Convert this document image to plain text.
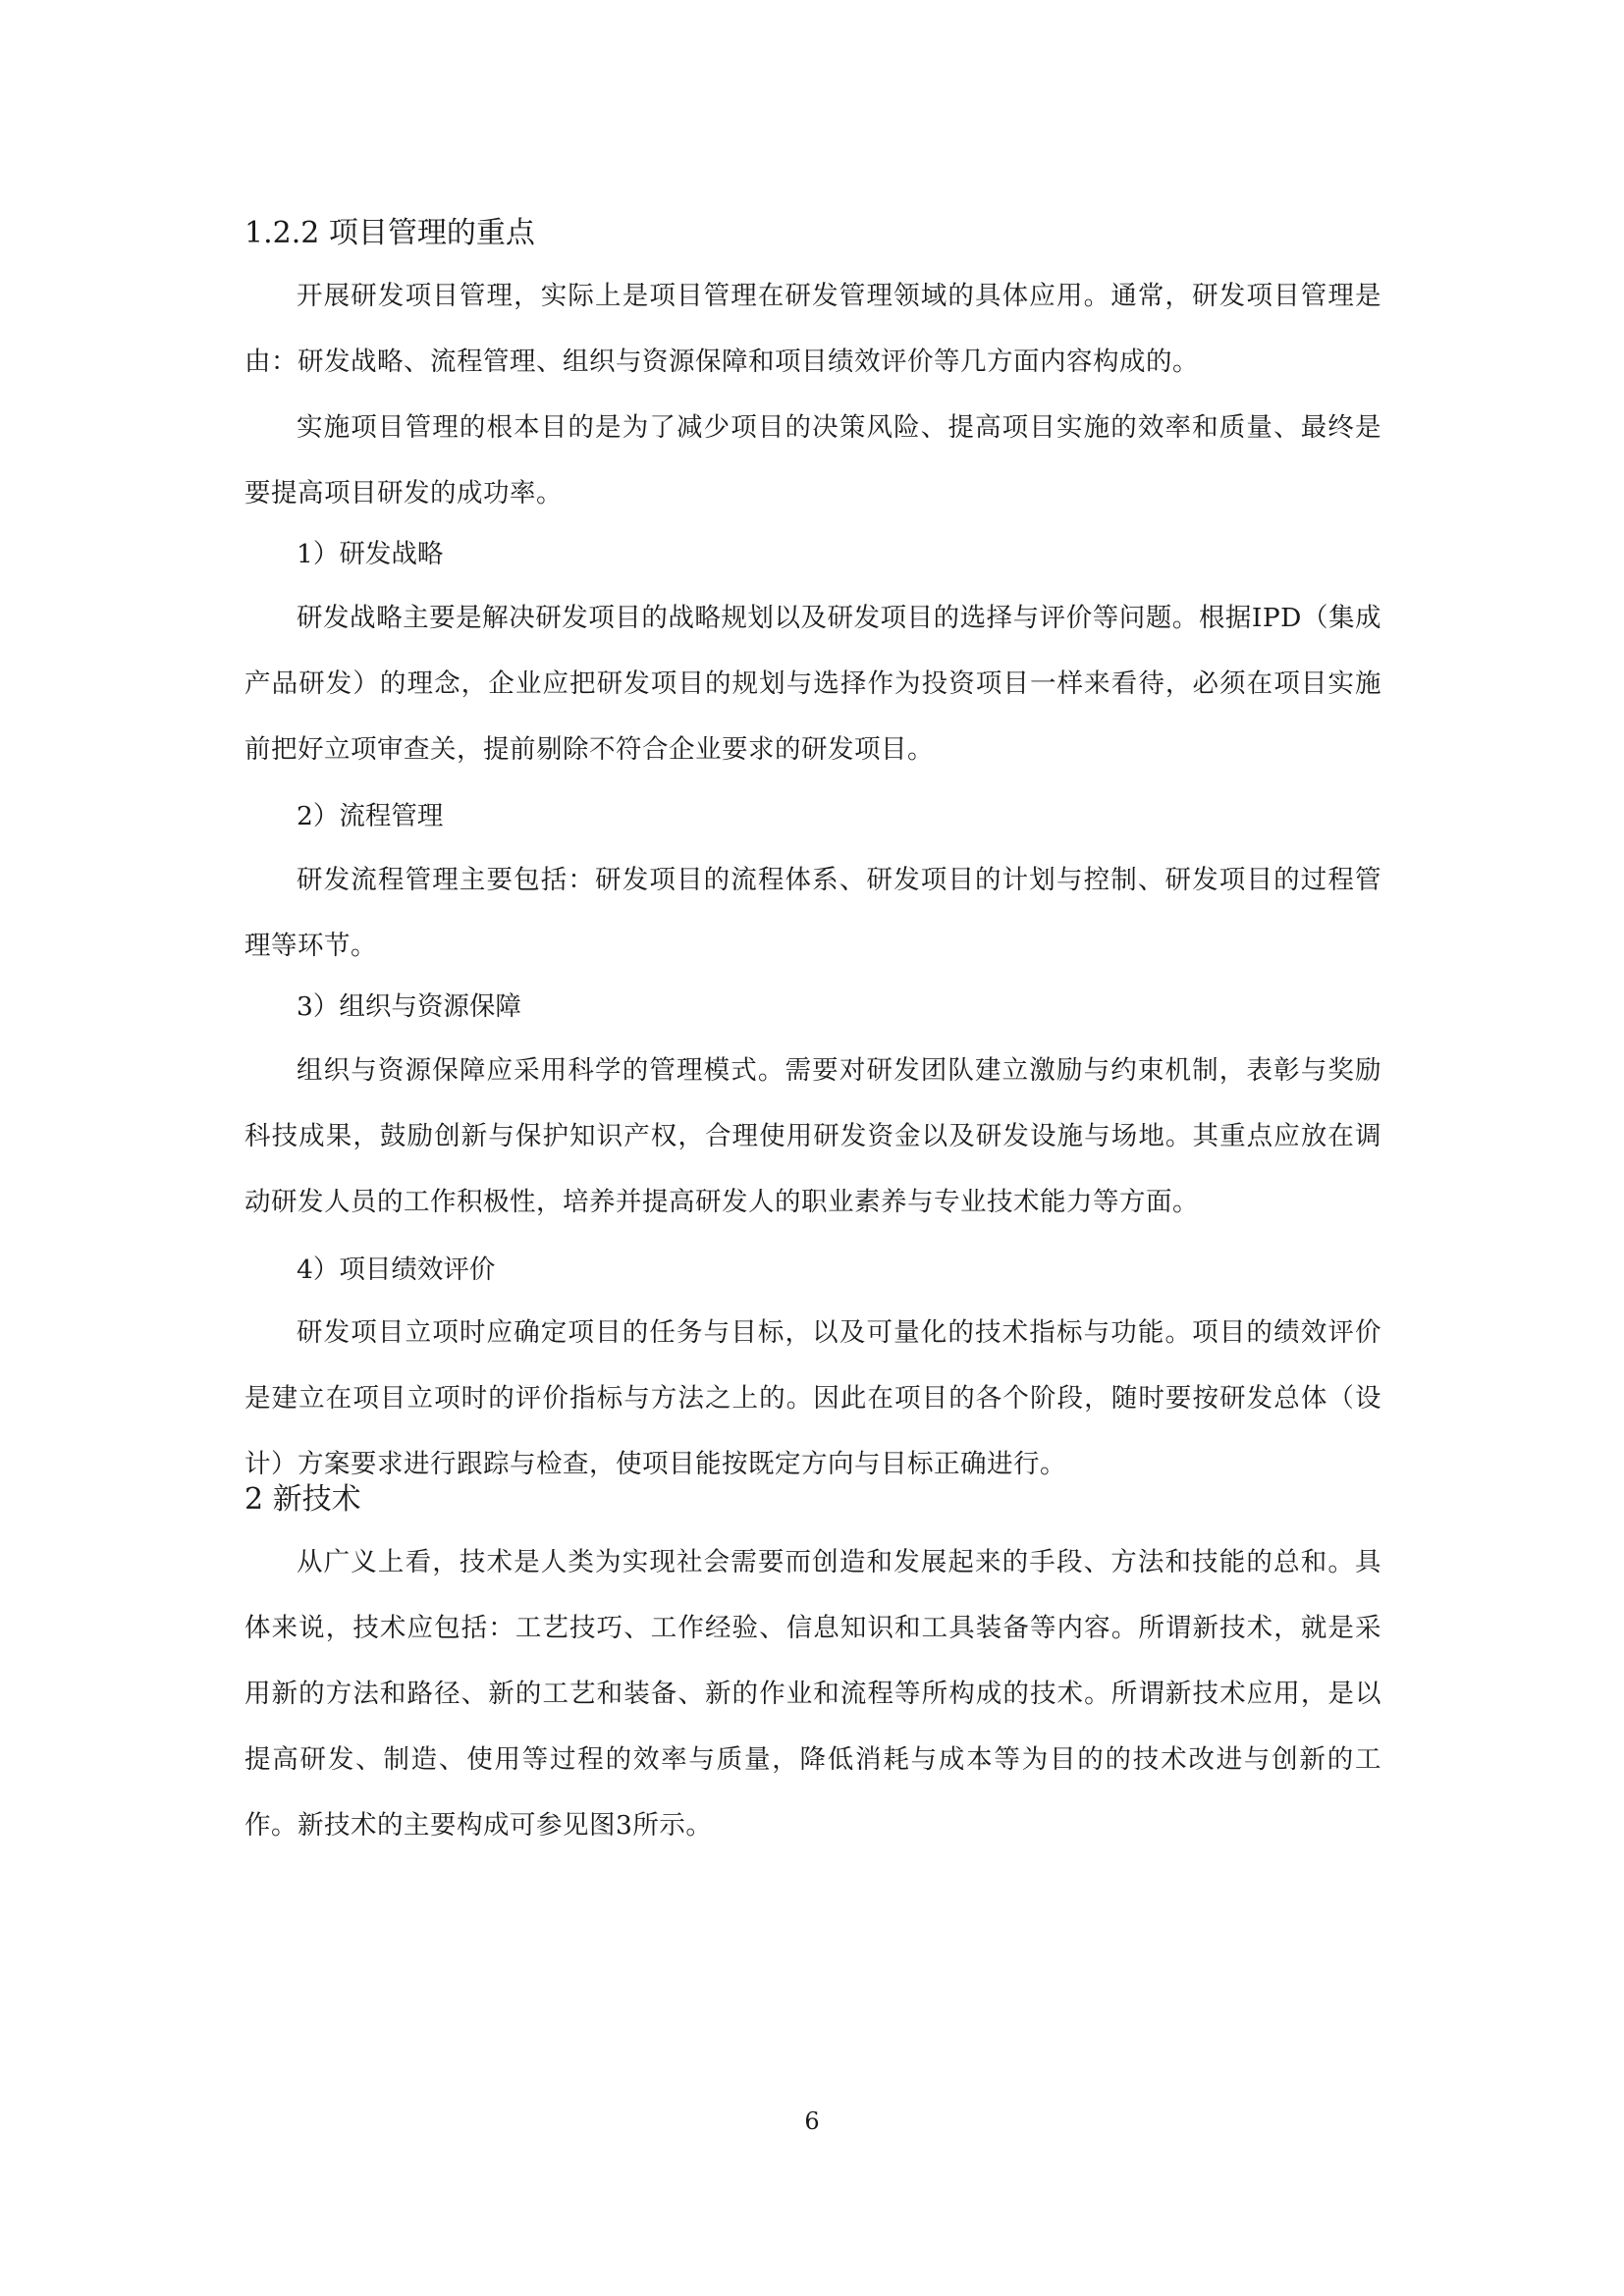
1.2.2 项目管理的重点
开展研发项目管理，实际上是项目管理在研发管理领域的具体应用。通常，研发项目管理是由：研发战略、流程管理、组织与资源保障和项目绩效评价等几方面内容构成的。
实施项目管理的根本目的是为了减少项目的决策风险、提高项目实施的效率和质量、最终是要提高项目研发的成功率。
1）研发战略
研发战略主要是解决研发项目的战略规划以及研发项目的选择与评价等问题。根据IPD（集成产品研发）的理念，企业应把研发项目的规划与选择作为投资项目一样来看待，必须在项目实施前把好立项审查关，提前剔除不符合企业要求的研发项目。
2）流程管理
研发流程管理主要包括：研发项目的流程体系、研发项目的计划与控制、研发项目的过程管理等环节。
3）组织与资源保障
组织与资源保障应采用科学的管理模式。需要对研发团队建立激励与约束机制，表彰与奖励科技成果，鼓励创新与保护知识产权，合理使用研发资金以及研发设施与场地。其重点应放在调动研发人员的工作积极性，培养并提高研发人的职业素养与专业技术能力等方面。
4）项目绩效评价
研发项目立项时应确定项目的任务与目标，以及可量化的技术指标与功能。项目的绩效评价是建立在项目立项时的评价指标与方法之上的。因此在项目的各个阶段，随时要按研发总体（设计）方案要求进行跟踪与检查，使项目能按既定方向与目标正确进行。
2 新技术
从广义上看，技术是人类为实现社会需要而创造和发展起来的手段、方法和技能的总和。具体来说，技术应包括：工艺技巧、工作经验、信息知识和工具装备等内容。所谓新技术，就是采用新的方法和路径、新的工艺和装备、新的作业和流程等所构成的技术。所谓新技术应用，是以提高研发、制造、使用等过程的效率与质量，降低消耗与成本等为目的的技术改进与创新的工作。新技术的主要构成可参见图3所示。
6
